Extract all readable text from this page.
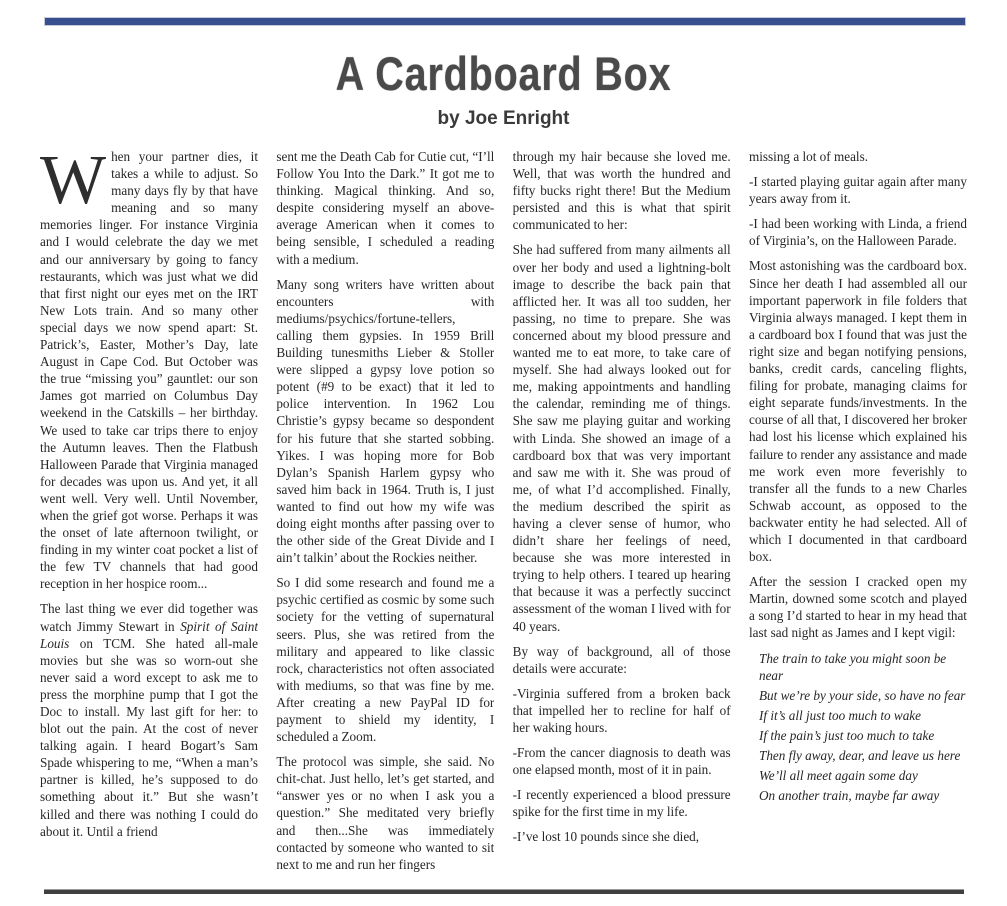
A Cardboard Box
by Joe Enright

When your partner dies, it takes a while to adjust. So many days fly by that have meaning and so many memories linger. For instance Virginia and I would celebrate the day we met and our anniversary by going to fancy restaurants, which was just what we did that first night our eyes met on the IRT New Lots train. And so many other special days we now spend apart: St. Patrick’s, Easter, Mother’s Day, late August in Cape Cod. But October was the true “missing you” gauntlet: our son James got married on Columbus Day weekend in the Catskills – her birthday. We used to take car trips there to enjoy the Autumn leaves. Then the Flatbush Halloween Parade that Virginia managed for decades was upon us. And yet, it all went well. Very well. Until November, when the grief got worse. Perhaps it was the onset of late afternoon twilight, or finding in my winter coat pocket a list of the few TV channels that had good reception in her hospice room...

The last thing we ever did together was watch Jimmy Stewart in Spirit of Saint Louis on TCM. She hated all-male movies but she was so worn-out she never said a word except to ask me to press the morphine pump that I got the Doc to install. My last gift for her: to blot out the pain. At the cost of never talking again. I heard Bogart’s Sam Spade whispering to me, “When a man’s partner is killed, he’s supposed to do something about it.” But she wasn’t killed and there was nothing I could do about it. Until a friend

sent me the Death Cab for Cutie cut, “I’ll Follow You Into the Dark.” It got me to thinking. Magical thinking. And so, despite considering myself an above-average American when it comes to being sensible, I scheduled a reading with a medium.

Many song writers have written about encounters with mediums/psychics/fortune-tellers, calling them gypsies. In 1959 Brill Building tunesmiths Lieber & Stoller were slipped a gypsy love potion so potent (#9 to be exact) that it led to police intervention. In 1962 Lou Christie’s gypsy became so despondent for his future that she started sobbing. Yikes. I was hoping more for Bob Dylan’s Spanish Harlem gypsy who saved him back in 1964. Truth is, I just wanted to find out how my wife was doing eight months after passing over to the other side of the Great Divide and I ain’t talkin’ about the Rockies neither.

So I did some research and found me a psychic certified as cosmic by some such society for the vetting of supernatural seers. Plus, she was retired from the military and appeared to like classic rock, characteristics not often associated with mediums, so that was fine by me. After creating a new PayPal ID for payment to shield my identity, I scheduled a Zoom.

The protocol was simple, she said. No chit-chat. Just hello, let’s get started, and “answer yes or no when I ask you a question.” She meditated very briefly and then...She was immediately contacted by someone who wanted to sit next to me and run her fingers

through my hair because she loved me. Well, that was worth the hundred and fifty bucks right there! But the Medium persisted and this is what that spirit communicated to her:

She had suffered from many ailments all over her body and used a lightning-bolt image to describe the back pain that afflicted her. It was all too sudden, her passing, no time to prepare. She was concerned about my blood pressure and wanted me to eat more, to take care of myself. She had always looked out for me, making appointments and handling the calendar, reminding me of things. She saw me playing guitar and working with Linda. She showed an image of a cardboard box that was very important and saw me with it. She was proud of me, of what I’d accomplished. Finally, the medium described the spirit as having a clever sense of humor, who didn’t share her feelings of need, because she was more interested in trying to help others. I teared up hearing that because it was a perfectly succinct assessment of the woman I lived with for 40 years.

By way of background, all of those details were accurate:

-Virginia suffered from a broken back that impelled her to recline for half of her waking hours.

-From the cancer diagnosis to death was one elapsed month, most of it in pain.

-I recently experienced a blood pressure spike for the first time in my life.

-I’ve lost 10 pounds since she died,

missing a lot of meals.

-I started playing guitar again after many years away from it.

-I had been working with Linda, a friend of Virginia’s, on the Halloween Parade.

Most astonishing was the cardboard box. Since her death I had assembled all our important paperwork in file folders that Virginia always managed. I kept them in a cardboard box I found that was just the right size and began notifying pensions, banks, credit cards, canceling flights, filing for probate, managing claims for eight separate funds/investments. In the course of all that, I discovered her broker had lost his license which explained his failure to render any assistance and made me work even more feverishly to transfer all the funds to a new Charles Schwab account, as opposed to the backwater entity he had selected. All of which I documented in that cardboard box.

After the session I cracked open my Martin, downed some scotch and played a song I’d started to hear in my head that last sad night as James and I kept vigil:

The train to take you might soon be near

But we’re by your side, so have no fear

If it’s all just too much to wake

If the pain’s just too much to take

Then fly away, dear, and leave us here

We’ll all meet again some day

On another train, maybe far away
